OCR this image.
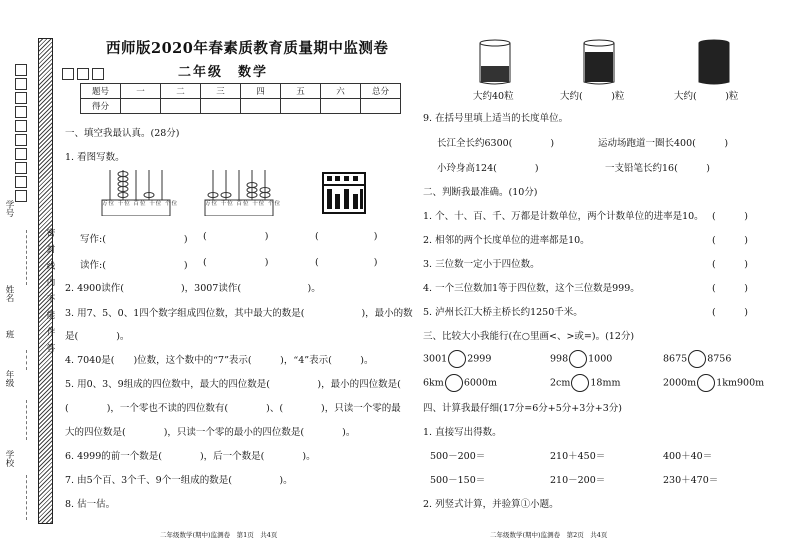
学号
姓名
班
年级
学校
密封线内不能作答

西师版2020年春素质教育质量期中监测卷
二年级　数学
题号	一	二	三	四	五	六	总分
得分							
一、填空我最认真。(28分)
1. 看图写数。
万位 千位 百位 十位 个位	万位 千位 百位 十位 个位
写作:(	) (	)	(	)
读作:(	) (	)	(	)
2. 4900读作(　　　　　　)，3007读作(　　　　　　　)。
3. 用7、5、0、1四个数字组成四位数，其中最大的数是(　　　　　　)，最小的数
是(　　　　)。
4. 7040是(　　)位数，这个数中的“7”表示(　　　)，“4”表示(　　　)。
5. 用0、3、9组成的四位数中，最大的四位数是(　　　　　)，最小的四位数是(
(　　　　)，一个零也不读的四位数有(　　　　)、(　　　　)，只读一个零的最
大的四位数是(　　　　)，只读一个零的最小的四位数是(　　　　)。
6. 4999的前一个数是(　　　　)，后一个数是(　　　　)。
7. 由5个百、3个千、9个一组成的数是(　　　　　)。
8. 估一估。
二年级数学(期中)监测卷　第1页　共4页
大约40粒	大约(　　　)粒	大约(　　　)粒
9. 在括号里填上适当的长度单位。
长江全长约6300(　　　　)	运动场跑道一圈长400(　　　)
小玲身高124(　　　　)	一支铅笔长约16(　　　)
二、判断我最准确。(10分)
1. 个、十、百、千、万都是计数单位，两个计数单位的进率是10。
2. 相邻的两个长度单位的进率都是10。
3. 三位数一定小于四位数。
4. 一个三位数加1等于四位数，这个三位数是999。
5. 泸州长江大桥主桥长约1250千米。
(　　　)
(　　　)
(　　　)
(　　　)
(　　　)
三、比较大小我能行(在○里画<、>或=)。(12分)
3001 2999	998 1000	8675 8756
6km 6000m	2cm 18mm	2000m 1km900m
四、计算我最仔细(17分=6分+5分+3分+3分)
1. 直接写出得数。
500－200＝	210＋450＝	400＋40＝
500－150＝	210－200＝	230＋470＝
2. 列竖式计算，并验算①小题。
二年级数学(期中)监测卷　第2页　共4页
